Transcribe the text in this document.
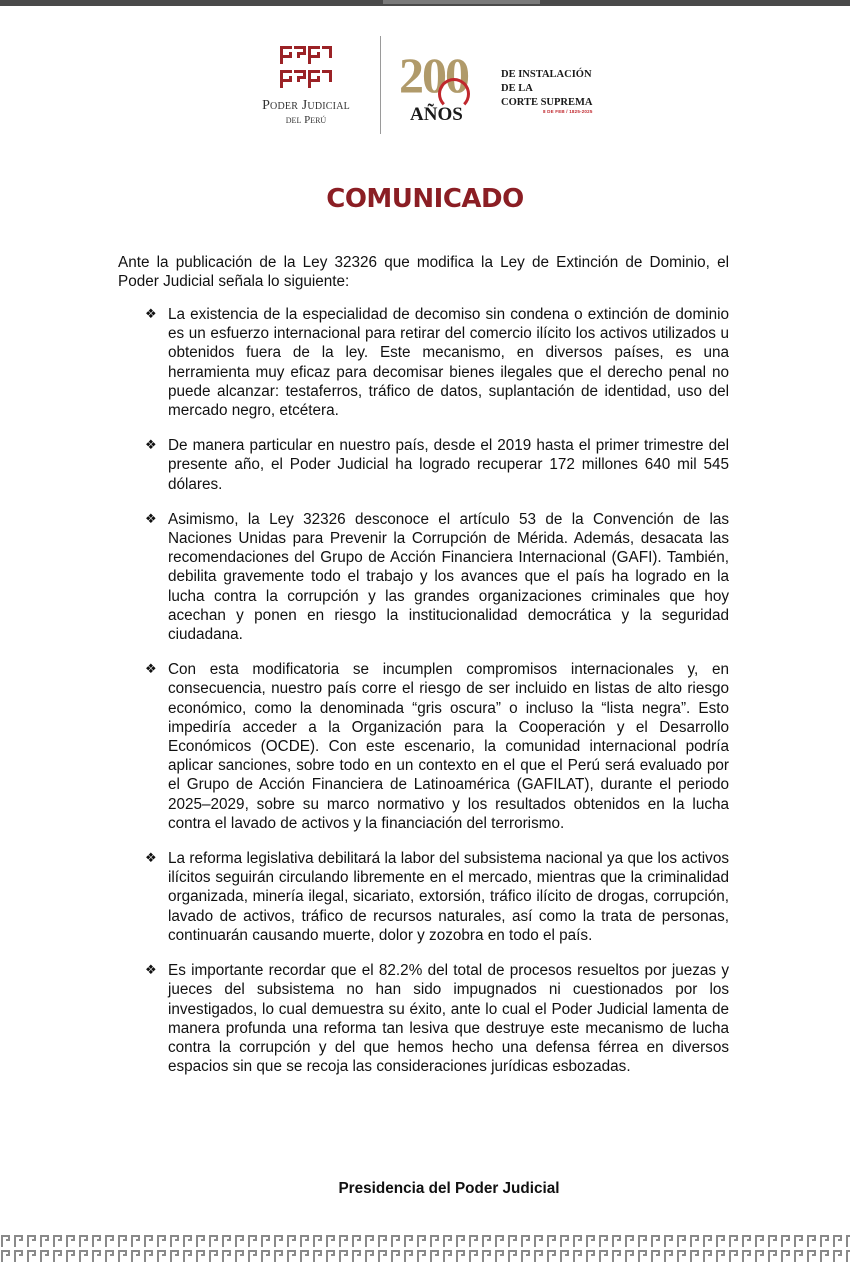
Poder Judicial
del Perú
200
AÑOS
DE INSTALACIÓN
DE LA
CORTE SUPREMA
8 DE FEB / 1825-2025
COMUNICADO

Ante la publicación de la Ley 32326 que modifica la Ley de Extinción de Dominio, el Poder Judicial señala lo siguiente:

❖ La existencia de la especialidad de decomiso sin condena o extinción de dominio es un esfuerzo internacional para retirar del comercio ilícito los activos utilizados u obtenidos fuera de la ley. Este mecanismo, en diversos países, es una herramienta muy eficaz para decomisar bienes ilegales que el derecho penal no puede alcanzar: testaferros, tráfico de datos, suplantación de identidad, uso del mercado negro, etcétera.
❖ De manera particular en nuestro país, desde el 2019 hasta el primer trimestre del presente año, el Poder Judicial ha logrado recuperar 172 millones 640 mil 545 dólares.
❖ Asimismo, la Ley 32326 desconoce el artículo 53 de la Convención de las Naciones Unidas para Prevenir la Corrupción de Mérida. Además, desacata las recomendaciones del Grupo de Acción Financiera Internacional (GAFI). También, debilita gravemente todo el trabajo y los avances que el país ha logrado en la lucha contra la corrupción y las grandes organizaciones criminales que hoy acechan y ponen en riesgo la institucionalidad democrática y la seguridad ciudadana.
❖ Con esta modificatoria se incumplen compromisos internacionales y, en consecuencia, nuestro país corre el riesgo de ser incluido en listas de alto riesgo económico, como la denominada “gris oscura” o incluso la “lista negra”. Esto impediría acceder a la Organización para la Cooperación y el Desarrollo Económicos (OCDE). Con este escenario, la comunidad internacional podría aplicar sanciones, sobre todo en un contexto en el que el Perú será evaluado por el Grupo de Acción Financiera de Latinoamérica (GAFILAT), durante el periodo 2025–2029, sobre su marco normativo y los resultados obtenidos en la lucha contra el lavado de activos y la financiación del terrorismo.
❖ La reforma legislativa debilitará la labor del subsistema nacional ya que los activos ilícitos seguirán circulando libremente en el mercado, mientras que la criminalidad organizada, minería ilegal, sicariato, extorsión, tráfico ilícito de drogas, corrupción, lavado de activos, tráfico de recursos naturales, así como la trata de personas, continuarán causando muerte, dolor y zozobra en todo el país.
❖ Es importante recordar que el 82.2% del total de procesos resueltos por juezas y jueces del subsistema no han sido impugnados ni cuestionados por los investigados, lo cual demuestra su éxito, ante lo cual el Poder Judicial lamenta de manera profunda una reforma tan lesiva que destruye este mecanismo de lucha contra la corrupción y del que hemos hecho una defensa férrea en diversos espacios sin que se recoja las consideraciones jurídicas esbozadas.
Presidencia del Poder Judicial
